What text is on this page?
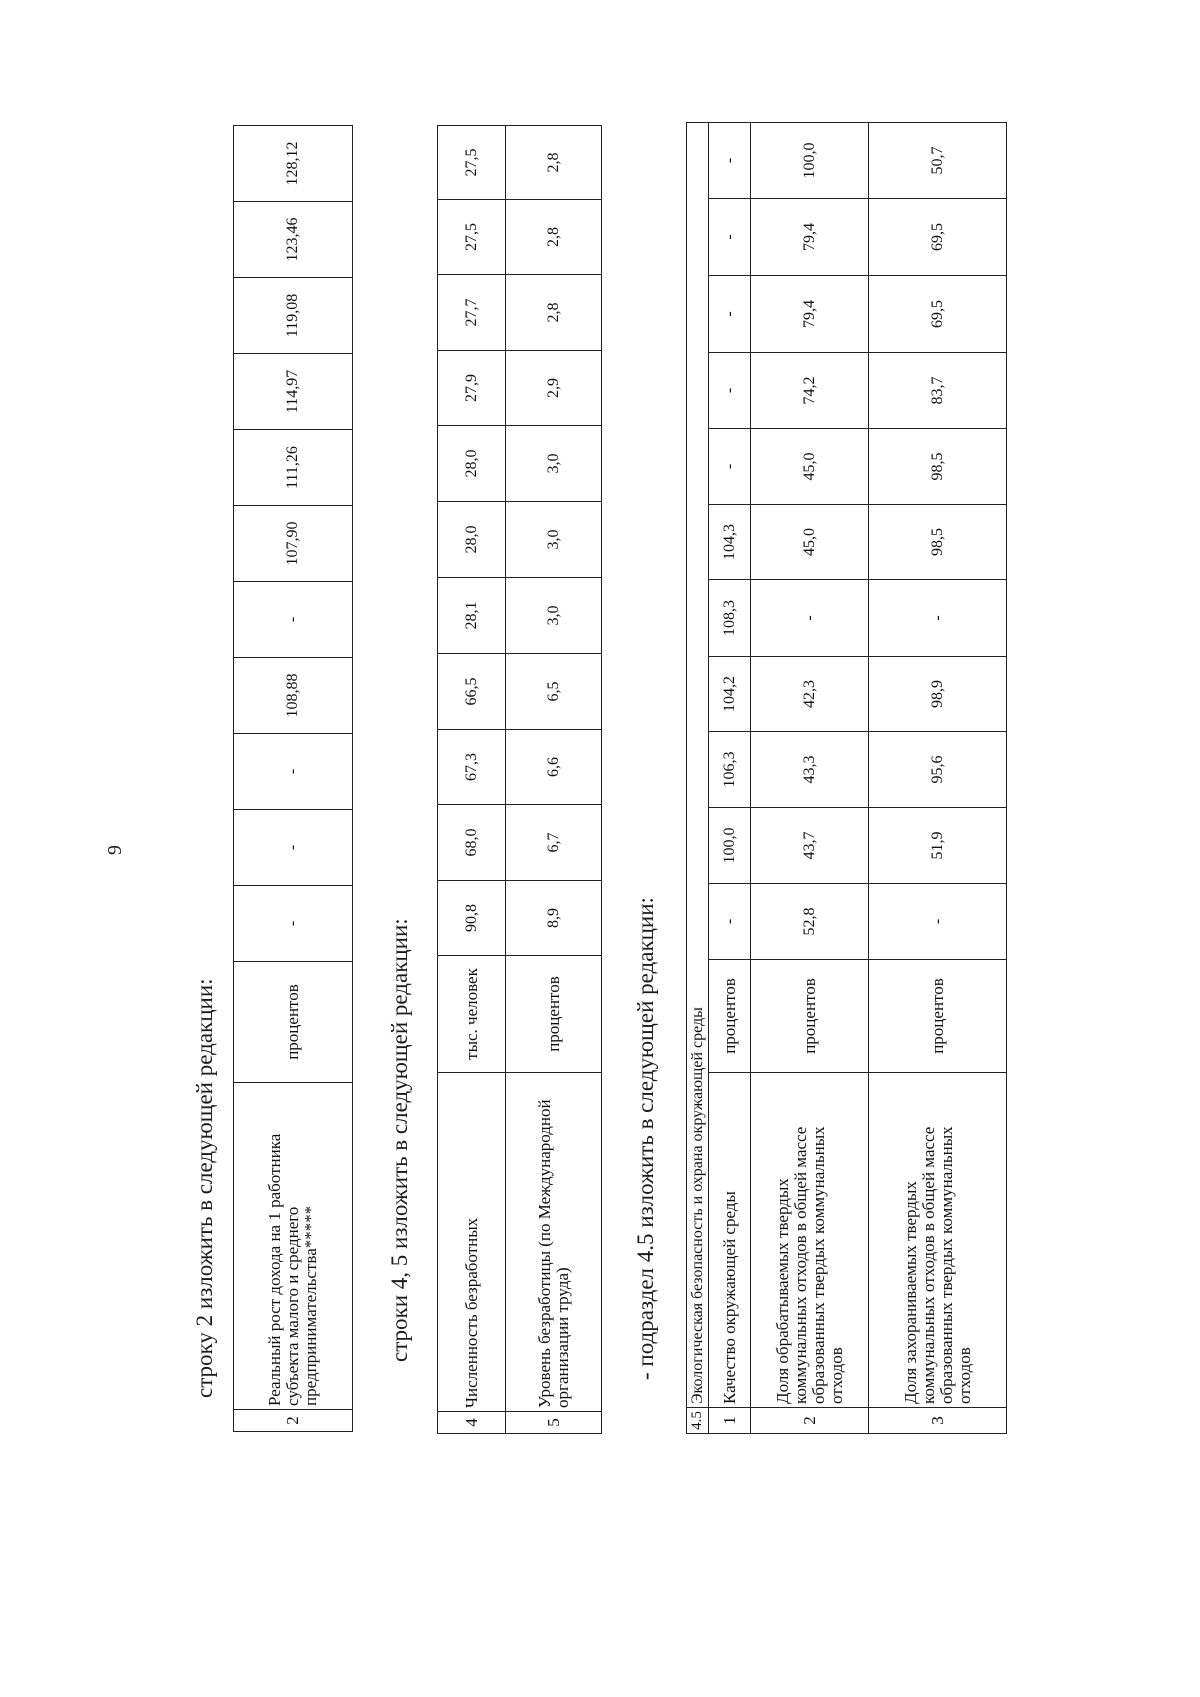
9
строку 2 изложить в следующей редакции:
2	Реальный рост дохода на 1 работника субъекта малого и среднего предпринимательства*****	процентов	-	-	-	108,88	-	107,90	111,26	114,97	119,08	123,46	128,12
строки 4, 5 изложить в следующей редакции:
4	Численность безработных	тыс. человек	90,8	68,0	67,3	66,5	28,1	28,0	28,0	27,9	27,7	27,5	27,5
5	Уровень безработицы (по Международной организации труда)	процентов	8,9	6,7	6,6	6,5	3,0	3,0	3,0	2,9	2,8	2,8	2,8
- подраздел 4.5 изложить в следующей редакции:
4.5	Экологическая безопасность и охрана окружающей среды												
1	Качество окружающей среды	процентов	-	100,0	106,3	104,2	108,3	104,3	-	-	-	-	-
2	Доля обрабатываемых твердых коммунальных отходов в общей массе образованных твердых коммунальных отходов	процентов	52,8	43,7	43,3	42,3	-	45,0	45,0	74,2	79,4	79,4	100,0
3	Доля захораниваемых твердых коммунальных отходов в общей массе образованных твердых коммунальных отходов	процентов	-	51,9	95,6	98,9	-	98,5	98,5	83,7	69,5	69,5	50,7
